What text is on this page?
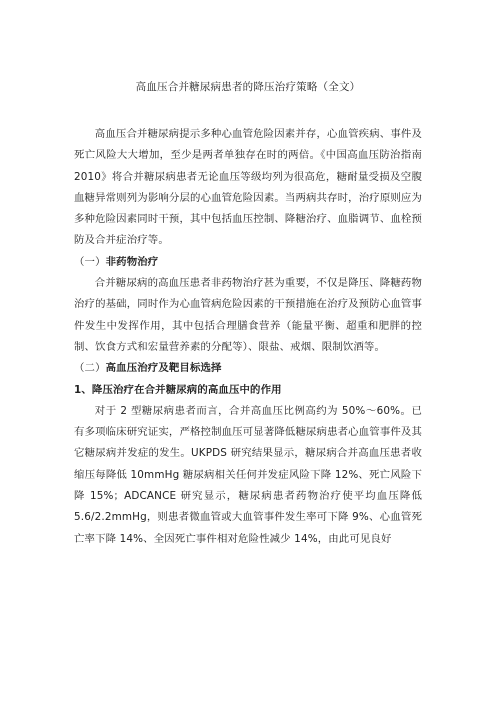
高血压合并糖尿病患者的降压治疗策略（全文）

高血压合并糖尿病提示多种心血管危险因素并存，心血管疾病、事件及死亡风险大大增加，至少是两者单独存在时的两倍。《中国高血压防治指南 2010》将合并糖尿病患者无论血压等级均列为很高危，糖耐量受损及空腹血糖异常则列为影响分层的心血管危险因素。当两病共存时，治疗原则应为多种危险因素同时干预，其中包括血压控制、降糖治疗、血脂调节、血栓预防及合并症治疗等。

（一）非药物治疗

合并糖尿病的高血压患者非药物治疗甚为重要，不仅是降压、降糖药物治疗的基础，同时作为心血管病危险因素的干预措施在治疗及预防心血管事件发生中发挥作用，其中包括合理膳食营养（能量平衡、超重和肥胖的控制、饮食方式和宏量营养素的分配等）、限盐、戒烟、限制饮酒等。

（二）高血压治疗及靶目标选择

1、降压治疗在合并糖尿病的高血压中的作用

对于 2 型糖尿病患者而言，合并高血压比例高约为 50%～60%。已有多项临床研究证实，严格控制血压可显著降低糖尿病患者心血管事件及其它糖尿病并发症的发生。UKPDS 研究结果显示，糖尿病合并高血压患者收缩压每降低 10mmHg 糖尿病相关任何并发症风险下降 12%、死亡风险下降 15%；ADCANCE 研究显示，糖尿病患者药物治疗使平均血压降低 5.6/2.2mmHg，则患者微血管或大血管事件发生率可下降 9%、心血管死亡率下降 14%、全因死亡事件相对危险性减少 14%，由此可见良好
